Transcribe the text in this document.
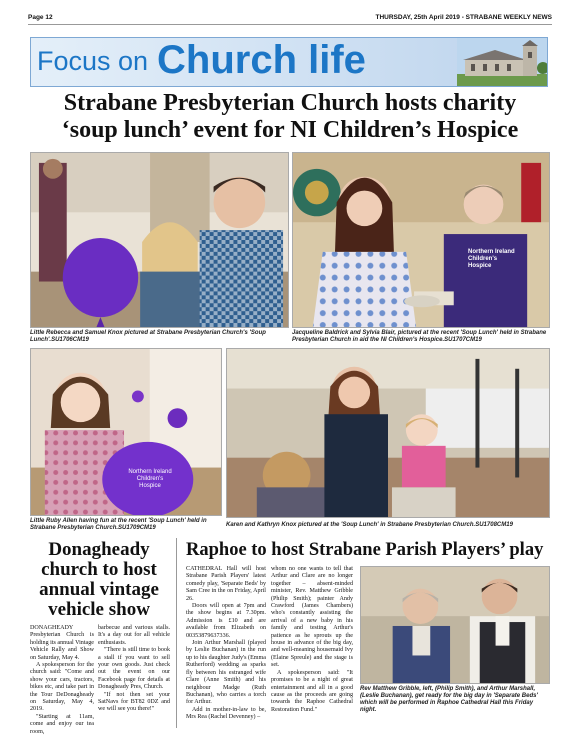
Page 12	THURSDAY, 25th April 2019 - STRABANE WEEKLY NEWS
Focus on Church life
Strabane Presbyterian Church hosts charity
‘soup lunch’ event for NI Children’s Hospice
Little Rebecca and Samuel Knox pictured at Strabane Presbyterian Church's 'Soup Lunch'.SU1706CM19
Northern Ireland Children's Hospice
Jacqueline Baldrick and Sylvia Blair, pictured at the recent 'Soup Lunch' held in Strabane Presbyterian Church in aid the NI Children's Hospice.SU1707CM19
Northern Ireland Children's Hospice
Little Ruby Allen having fun at the recent 'Soup Lunch' held in Strabane Presbyterian Church.SU1709CM19	Karen and Kathryn Knox pictured at the 'Soup Lunch' in Strabane Presbyterian Church.SU1708CM19
Donagheady church to host annual vintage vehicle show

DONAGHEADY Presbyterian Church is holding its annual Vintage Vehicle Rally and Show on Saturday, May 4.

A spokesperson for the church said: "Come and show your cars, tractors, bikes etc, and take part in the Tour DeDonagheady on Saturday, May 4, 2019.

"Starting at 11am, come and enjoy our tea room,

barbecue and various stalls. It's a day out for all vehicle enthusiasts.

"There is still time to book a stall if you want to sell your own goods. Just check out the event on our Facebook page for details at Donagheady Pres, Church.

"If not then set your SatNavs for BT82 0DZ and we will see you there!"

Raphoe to host Strabane Parish Players’ play

CATHEDRAL Hall will host Strabane Parish Players' latest comedy play, 'Separate Beds' by Sam Cree in the on Friday, April 26.

Doors will open at 7pm and the show begins at 7.30pm. Admission is £10 and are available from Elizabeth on 00353879637336.

Join Arthur Marshall (played by Leslie Buchanan) in the run up to his daughter Judy's (Emma Rutherford) wedding as sparks fly between his estranged wife Clare (Anne Smith) and his neighbour Madge (Ruth Buchanan), who carries a torch for Arthur.

Add in mother-in-law to be, Mrs Rea (Rachel Devenney) –

whom no one wants to tell that Arthur and Clare are no longer together – absent-minded minister, Rev. Matthew Gribble (Philip Smith); painter Andy Crawford (James Chambers) who's constantly assisting the arrival of a new baby in his family and testing Arthur's patience as he sprouts up the house in advance of the big day, and well-meaning housemaid Ivy (Elaine Spreule) and the stage is set.

A spokesperson said: "It promises to be a night of great entertainment and all in a good cause as the proceeds are going towards the Raphoe Cathedral Restoration Fund."

Rev Matthew Gribble, left, (Philip Smith), and Arthur Marshall, (Leslie Buchanan), get ready for the big day in 'Separate Beds' which will be performed in Raphoe Cathedral Hall this Friday night.
